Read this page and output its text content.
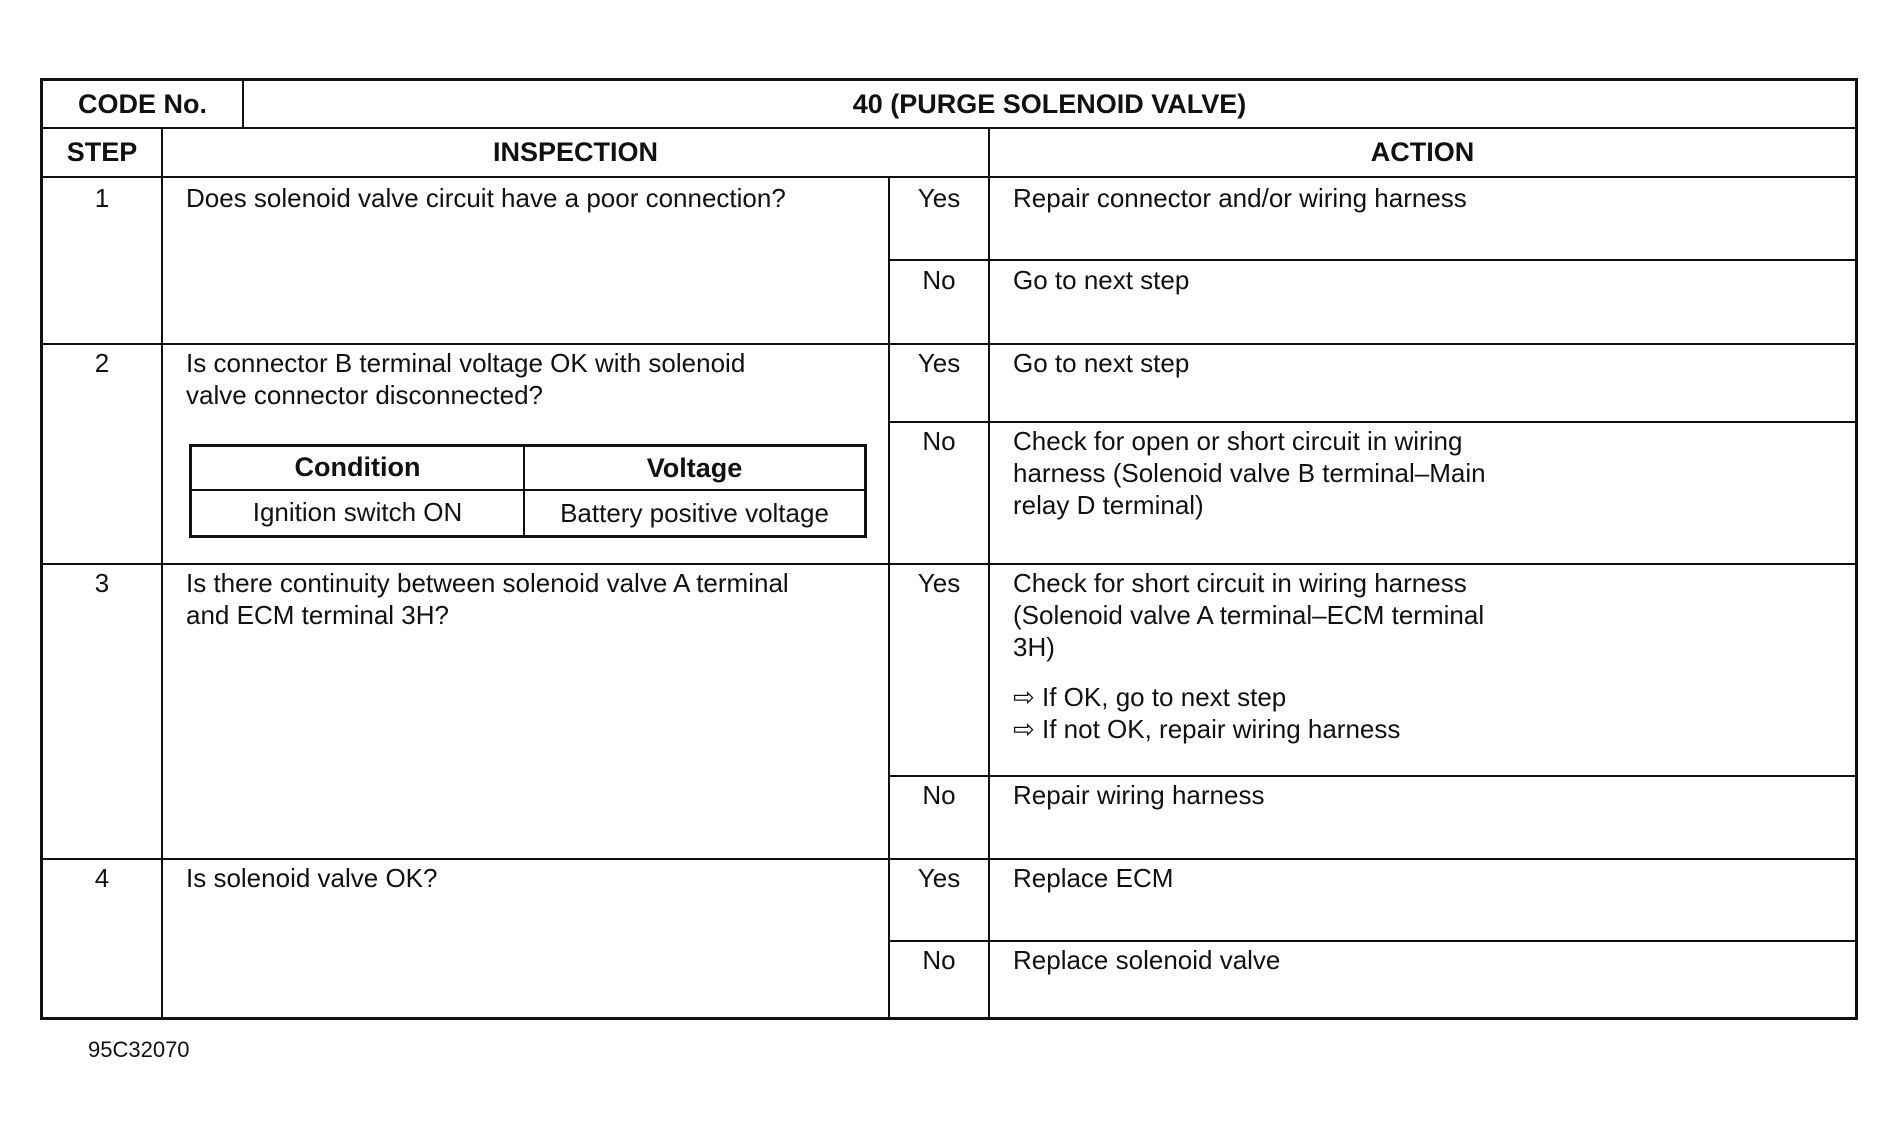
CODE No.	40 (PURGE SOLENOID VALVE)
STEP	INSPECTION	ACTION
1	Does solenoid valve circuit have a poor connection?	Yes	Repair connector and/or wiring harness
No	Go to next step
2	Is connector B terminal voltage OK with solenoid
valve connector disconnected?
Yes	Go to next step
No	Check for open or short circuit in wiring
harness (Solenoid valve B terminal–Main
relay D terminal)
Condition	Voltage
Ignition switch ON	Battery positive voltage
3	Is there continuity between solenoid valve A terminal
and ECM terminal 3H?
Yes	Check for short circuit in wiring harness
(Solenoid valve A terminal–ECM terminal
3H)
⇨ If OK, go to next step
⇨ If not OK, repair wiring harness
No	Repair wiring harness
4	Is solenoid valve OK?	Yes	Replace ECM
No	Replace solenoid valve
95C32070
